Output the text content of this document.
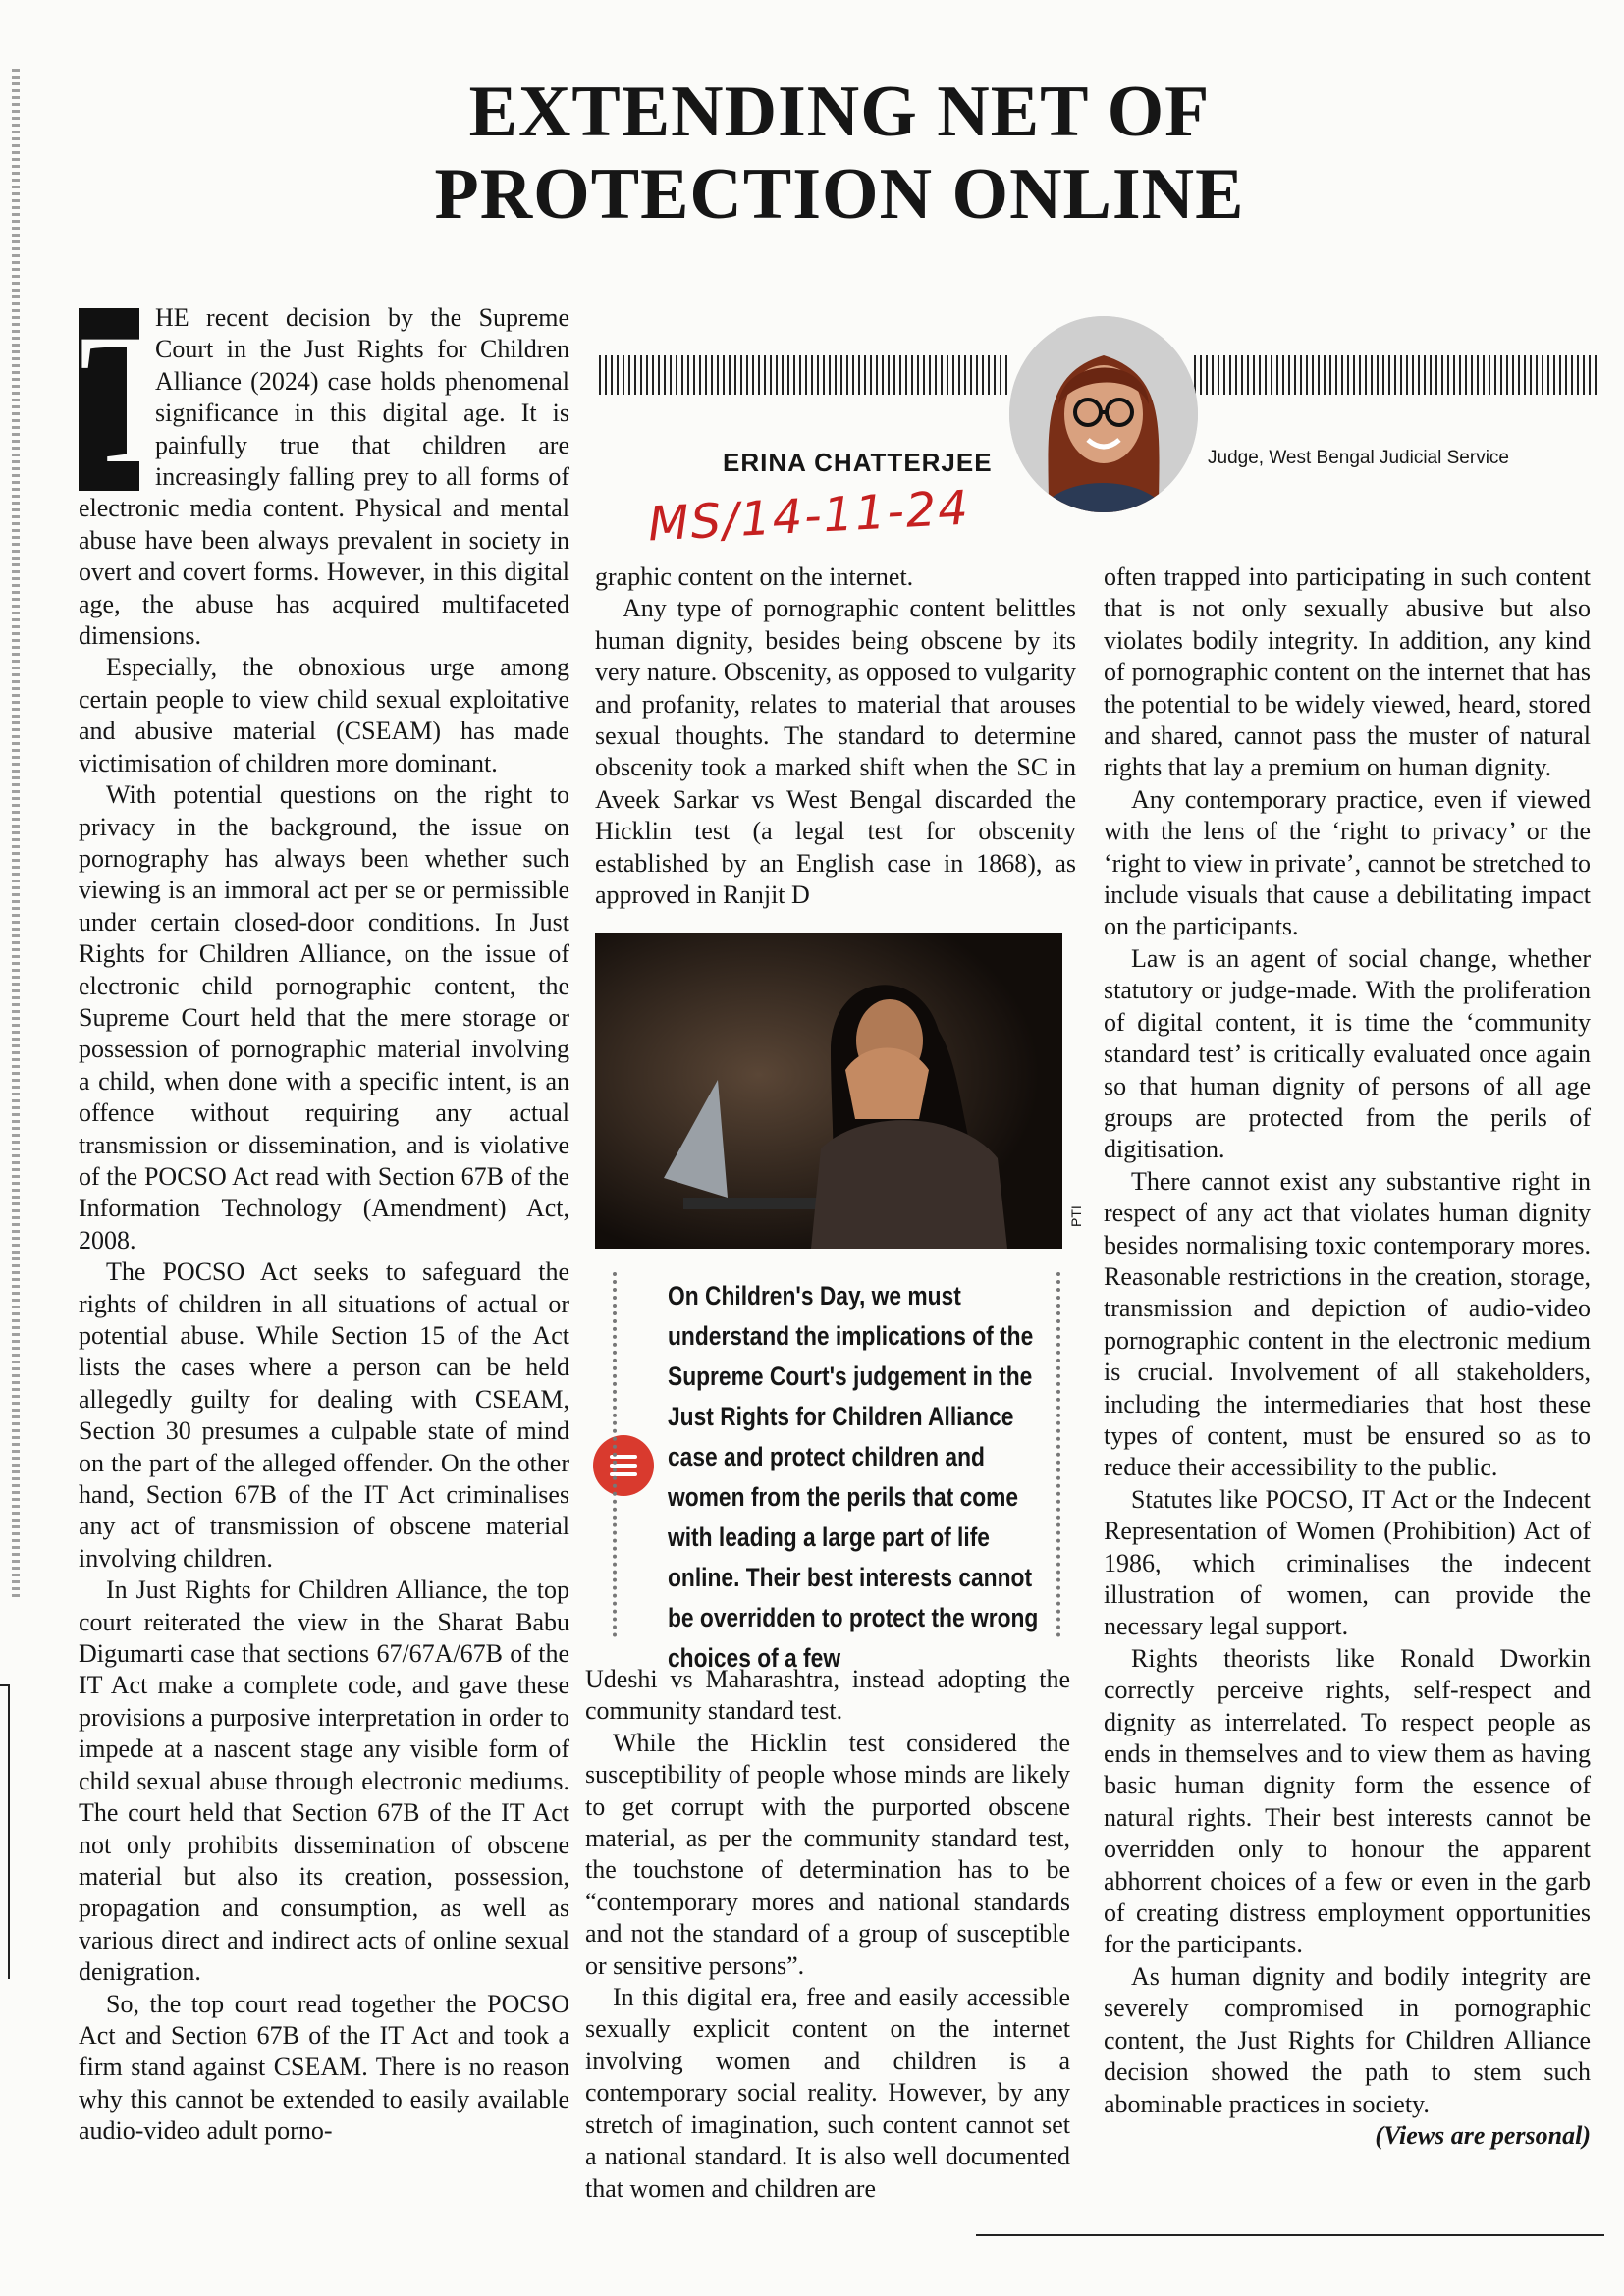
EXTENDING NET OF
PROTECTION ONLINE
ERINA CHATTERJEE	Judge, West Bengal Judicial Service
MS/14-11-24
T

HE recent decision by the Supreme Court in the Just Rights for Children Alliance (2024) case holds phenomenal significance in this digital age. It is painfully true that children are increasingly falling prey to all forms of electronic media content. Physical and mental abuse have been always prevalent in society in overt and covert forms. However, in this digital age, the abuse has acquired multifaceted dimensions.

Especially, the obnoxious urge among certain people to view child sexual exploitative and abusive material (CSEAM) has made victimisation of children more dominant.

With potential questions on the right to privacy in the background, the issue on pornography has always been whether such viewing is an immoral act per se or permissible under certain closed-door conditions. In Just Rights for Children Alliance, on the issue of electronic child pornographic content, the Supreme Court held that the mere storage or possession of pornographic material involving a child, when done with a specific intent, is an offence without requiring any actual transmission or dissemination, and is violative of the POCSO Act read with Section 67B of the Information Technology (Amendment) Act, 2008.

The POCSO Act seeks to safeguard the rights of children in all situations of actual or potential abuse. While Section 15 of the Act lists the cases where a person can be held allegedly guilty for dealing with CSEAM, Section 30 presumes a culpable state of mind on the part of the alleged offender. On the other hand, Section 67B of the IT Act criminalises any act of transmission of obscene material involving children.

In Just Rights for Children Alliance, the top court reiterated the view in the Sharat Babu Digumarti case that sections 67/67A/67B of the IT Act make a complete code, and gave these provisions a purposive interpretation in order to impede at a nascent stage any visible form of child sexual abuse through electronic mediums. The court held that Section 67B of the IT Act not only prohibits dissemination of obscene material but also its creation, possession, propagation and consumption, as well as various direct and indirect acts of online sexual denigration.

So, the top court read together the POCSO Act and Section 67B of the IT Act and took a firm stand against CSEAM. There is no reason why this cannot be extended to easily available audio-video adult porno-

graphic content on the internet.

Any type of pornographic content belittles human dignity, besides being obscene by its very nature. Obscenity, as opposed to vulgarity and profanity, relates to material that arouses sexual thoughts. The standard to determine obscenity took a marked shift when the SC in Aveek Sarkar vs West Bengal discarded the Hicklin test (a legal test for obscenity established by an English case in 1868), as approved in Ranjit D

PTI
On Children's Day, we must understand the implications of the Supreme Court's judgement in the Just Rights for Children Alliance case and protect children and women from the perils that come with leading a large part of life online. Their best interests cannot be overridden to protect the wrong choices of a few

Udeshi vs Maharashtra, instead adopting the community standard test.

While the Hicklin test considered the susceptibility of people whose minds are likely to get corrupt with the purported obscene material, as per the community standard test, the touchstone of determination has to be “contemporary mores and national standards and not the standard of a group of susceptible or sensitive persons”.

In this digital era, free and easily accessible sexually explicit content on the internet involving women and children is a contemporary social reality. However, by any stretch of imagination, such content cannot set a national standard. It is also well documented that women and children are

often trapped into participating in such content that is not only sexually abusive but also violates bodily integrity. In addition, any kind of pornographic content on the internet that has the potential to be widely viewed, heard, stored and shared, cannot pass the muster of natural rights that lay a premium on human dignity.

Any contemporary practice, even if viewed with the lens of the ‘right to privacy’ or the ‘right to view in private’, cannot be stretched to include visuals that cause a debilitating impact on the participants.

Law is an agent of social change, whether statutory or judge-made. With the proliferation of digital content, it is time the ‘community standard test’ is critically evaluated once again so that human dignity of persons of all age groups are protected from the perils of digitisation.

There cannot exist any substantive right in respect of any act that violates human dignity besides normalising toxic contemporary mores. Reasonable restrictions in the creation, storage, transmission and depiction of audio-video pornographic content in the electronic medium is crucial. Involvement of all stakeholders, including the intermediaries that host these types of content, must be ensured so as to reduce their accessibility to the public.

Statutes like POCSO, IT Act or the Indecent Representation of Women (Prohibition) Act of 1986, which criminalises the indecent illustration of women, can provide the necessary legal support.

Rights theorists like Ronald Dworkin correctly perceive rights, self-respect and dignity as interrelated. To respect people as ends in themselves and to view them as having basic human dignity form the essence of natural rights. Their best interests cannot be overridden only to honour the apparent abhorrent choices of a few or even in the garb of creating distress employment opportunities for the participants.

As human dignity and bodily integrity are severely compromised in pornographic content, the Just Rights for Children Alliance decision showed the path to stem such abominable practices in society.

(Views are personal)
